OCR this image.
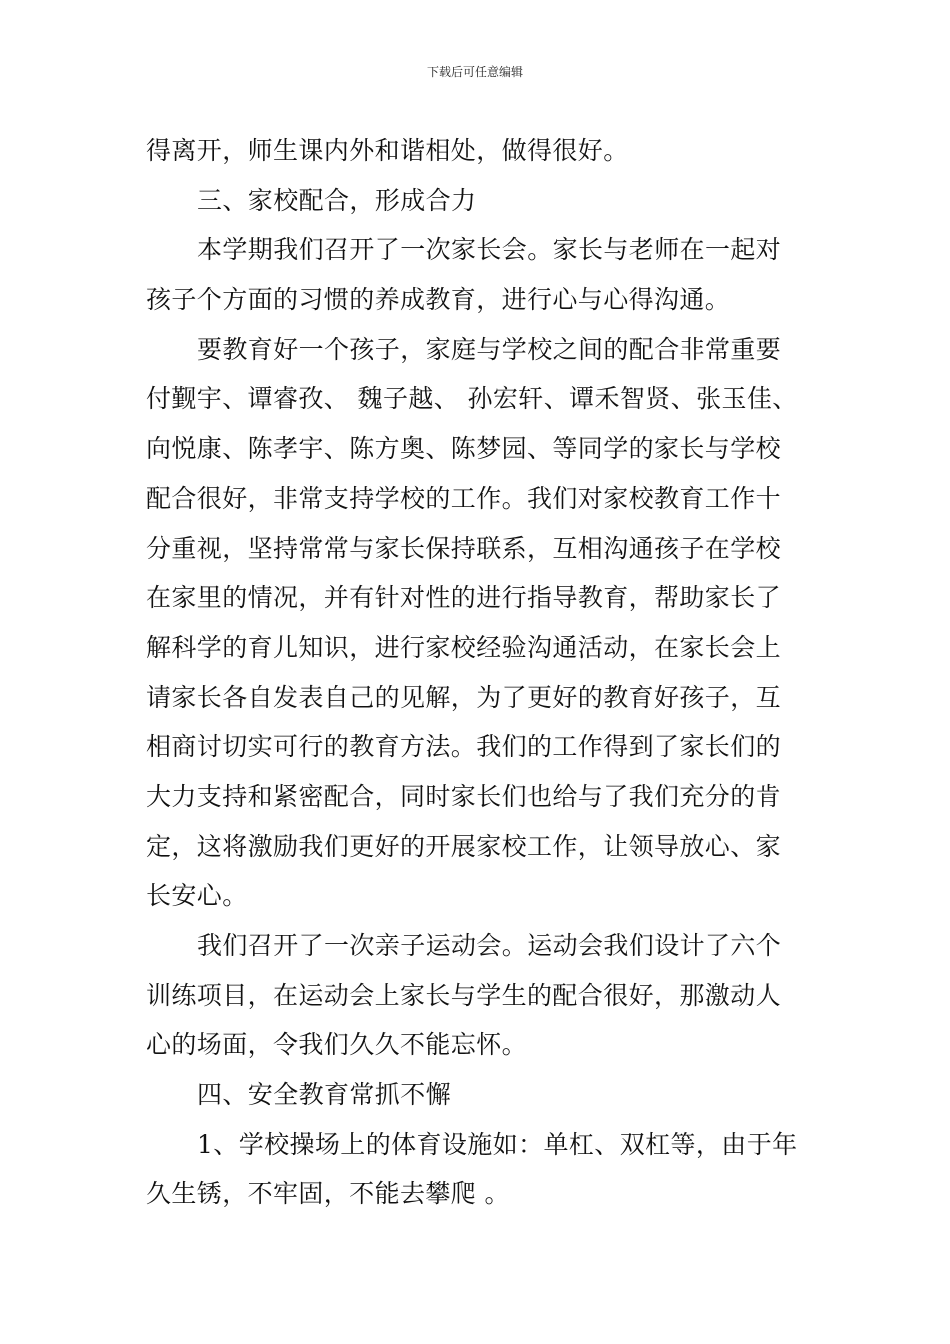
下载后可任意编辑
得离开，师生课内外和谐相处，做得很好。
三、家校配合，形成合力
本学期我们召开了一次家长会。家长与老师在一起对
孩子个方面的习惯的养成教育，进行心与心得沟通。
要教育好一个孩子，家庭与学校之间的配合非常重要
付觐宇、谭睿孜、 魏子越、 孙宏轩、谭禾智贤、张玉佳、
向悦康、陈孝宇、陈方奥、陈梦园、等同学的家长与学校
配合很好，非常支持学校的工作。我们对家校教育工作十
分重视，坚持常常与家长保持联系，互相沟通孩子在学校
在家里的情况，并有针对性的进行指导教育，帮助家长了
解科学的育儿知识，进行家校经验沟通活动，在家长会上
请家长各自发表自己的见解，为了更好的教育好孩子，互
相商讨切实可行的教育方法。我们的工作得到了家长们的
大力支持和紧密配合，同时家长们也给与了我们充分的肯
定，这将激励我们更好的开展家校工作，让领导放心、家
长安心。
我们召开了一次亲子运动会。运动会我们设计了六个
训练项目，在运动会上家长与学生的配合很好，那激动人
心的场面，令我们久久不能忘怀。
四、安全教育常抓不懈
1、学校操场上的体育设施如：单杠、双杠等，由于年
久生锈，不牢固，不能去攀爬 。
